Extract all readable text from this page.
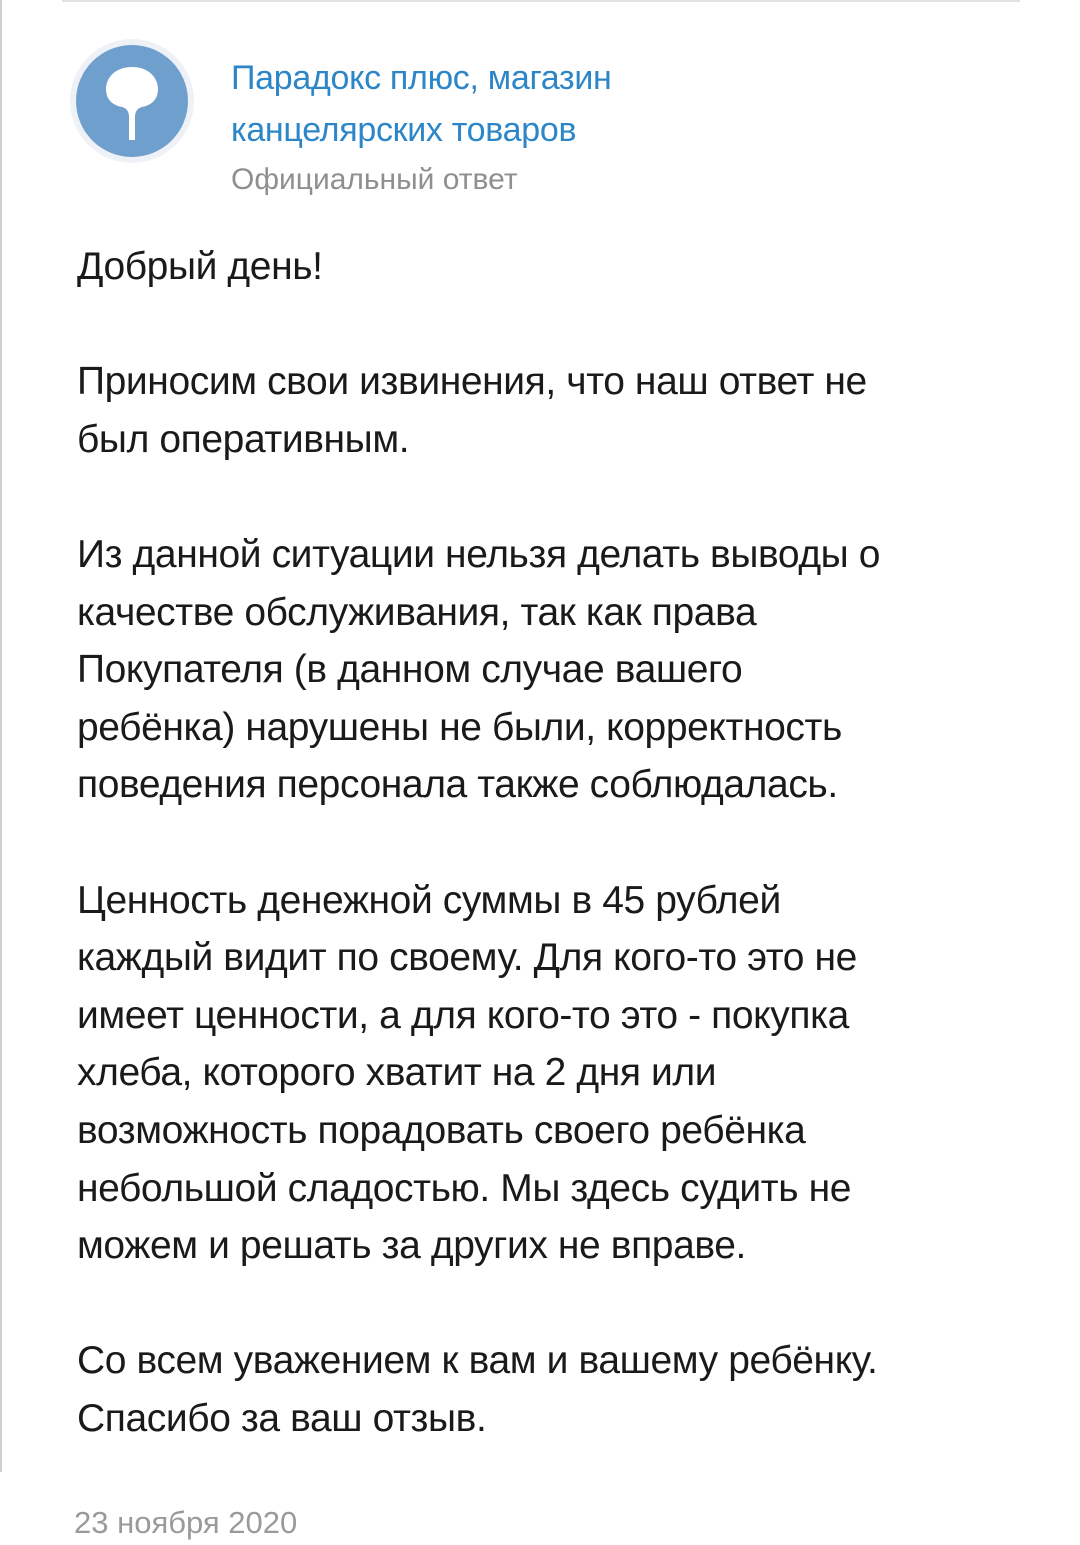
Парадокс плюс, магазин
канцелярских товаров
Официальный ответ

Добрый день!

Приносим свои извинения, что наш ответ не
был оперативным.

Из данной ситуации нельзя делать выводы о
качестве обслуживания, так как права
Покупателя (в данном случае вашего
ребёнка) нарушены не были, корректность
поведения персонала также соблюдалась.

Ценность денежной суммы в 45 рублей
каждый видит по своему. Для кого-то это не
имеет ценности, а для кого-то это - покупка
хлеба, которого хватит на 2 дня или
возможность порадовать своего ребёнка
небольшой сладостью. Мы здесь судить не
можем и решать за других не вправе.

Со всем уважением к вам и вашему ребёнку.
Спасибо за ваш отзыв.

23 ноября 2020
